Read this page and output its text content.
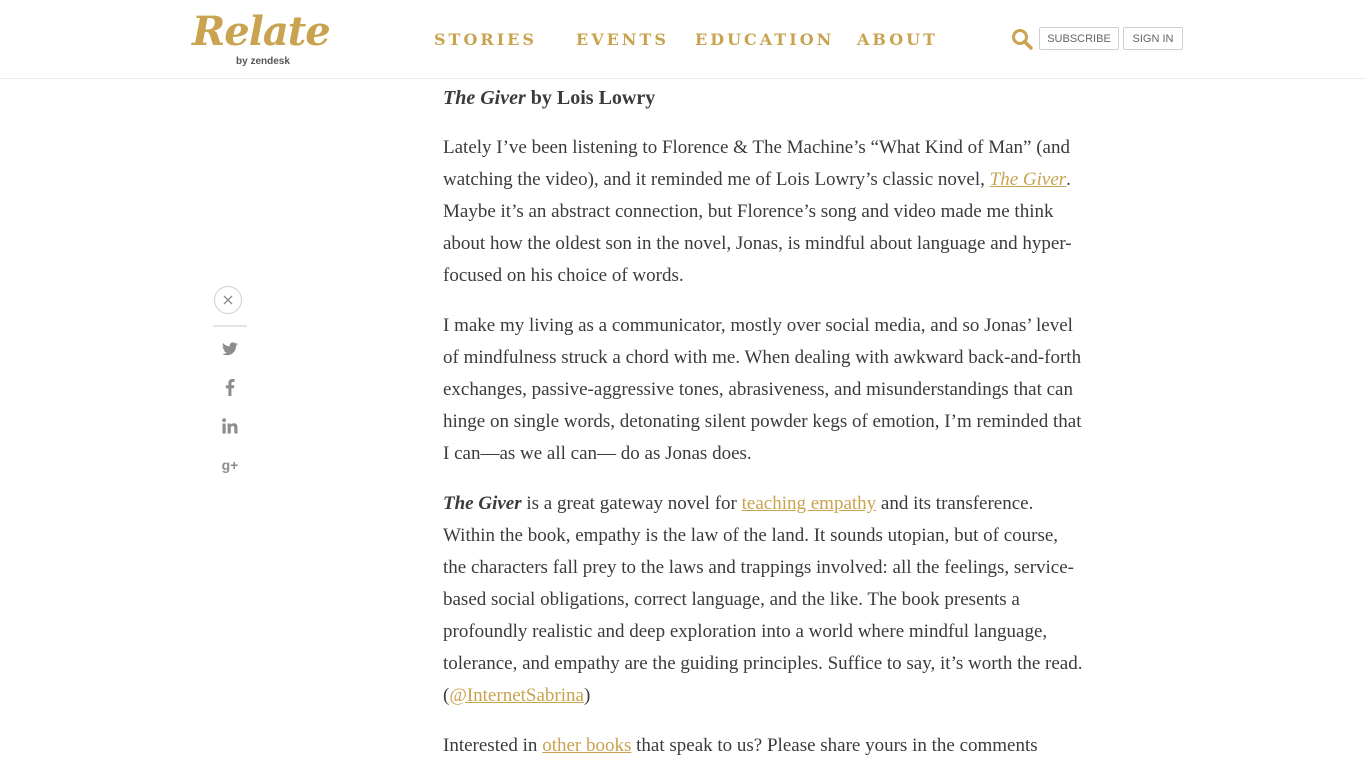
Relate
by zendesk
STORIES EVENTS EDUCATION ABOUT	SUBSCRIBE	SIGN IN
g+

The Giver by Lois Lowry

Lately I’ve been listening to Florence & The Machine’s “What Kind of Man” (and watching the video), and it reminded me of Lois Lowry’s classic novel, The Giver. Maybe it’s an abstract connection, but Florence’s song and video made me think about how the oldest son in the novel, Jonas, is mindful about language and hyper-focused on his choice of words.

I make my living as a communicator, mostly over social media, and so Jonas’ level of mindfulness struck a chord with me. When dealing with awkward back-and-forth exchanges, passive-aggressive tones, abrasiveness, and misunderstandings that can hinge on single words, detonating silent powder kegs of emotion, I’m reminded that I can—as we all can— do as Jonas does.

The Giver is a great gateway novel for teaching empathy and its transference. Within the book, empathy is the law of the land. It sounds utopian, but of course, the characters fall prey to the laws and trappings involved: all the feelings, service-based social obligations, correct language, and the like. The book presents a profoundly realistic and deep exploration into a world where mindful language, tolerance, and empathy are the guiding principles. Suffice to say, it’s worth the read. (@InternetSabrina)

Interested in other books that speak to us? Please share yours in the comments
